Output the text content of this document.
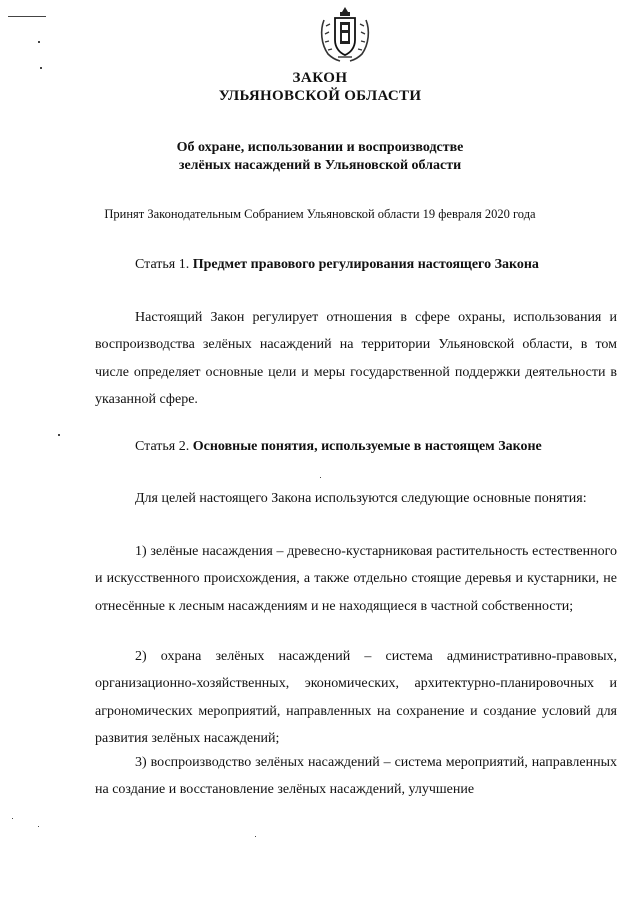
ЗАКОН
УЛЬЯНОВСКОЙ ОБЛАСТИ
Об охране, использовании и воспроизводстве
зелёных насаждений в Ульяновской области
Принят Законодательным Собранием Ульяновской области 19 февраля 2020 года
Статья 1. Предмет правового регулирования настоящего Закона

Настоящий Закон регулирует отношения в сфере охраны, использования и воспроизводства зелёных насаждений на территории Ульяновской области, в том числе определяет основные цели и меры государственной поддержки деятельности в указанной сфере.

Статья 2. Основные понятия, используемые в настоящем Законе

Для целей настоящего Закона используются следующие основные понятия:

1) зелёные насаждения – древесно-кустарниковая растительность естественного и искусственного происхождения, а также отдельно стоящие деревья и кустарники, не отнесённые к лесным насаждениям и не находящиеся в частной собственности;

2) охрана зелёных насаждений – система административно-правовых, организационно-хозяйственных, экономических, архитектурно-планировочных и агрономических мероприятий, направленных на сохранение и создание условий для развития зелёных насаждений;

3) воспроизводство зелёных насаждений – система мероприятий, направленных на создание и восстановление зелёных насаждений, улучшение
